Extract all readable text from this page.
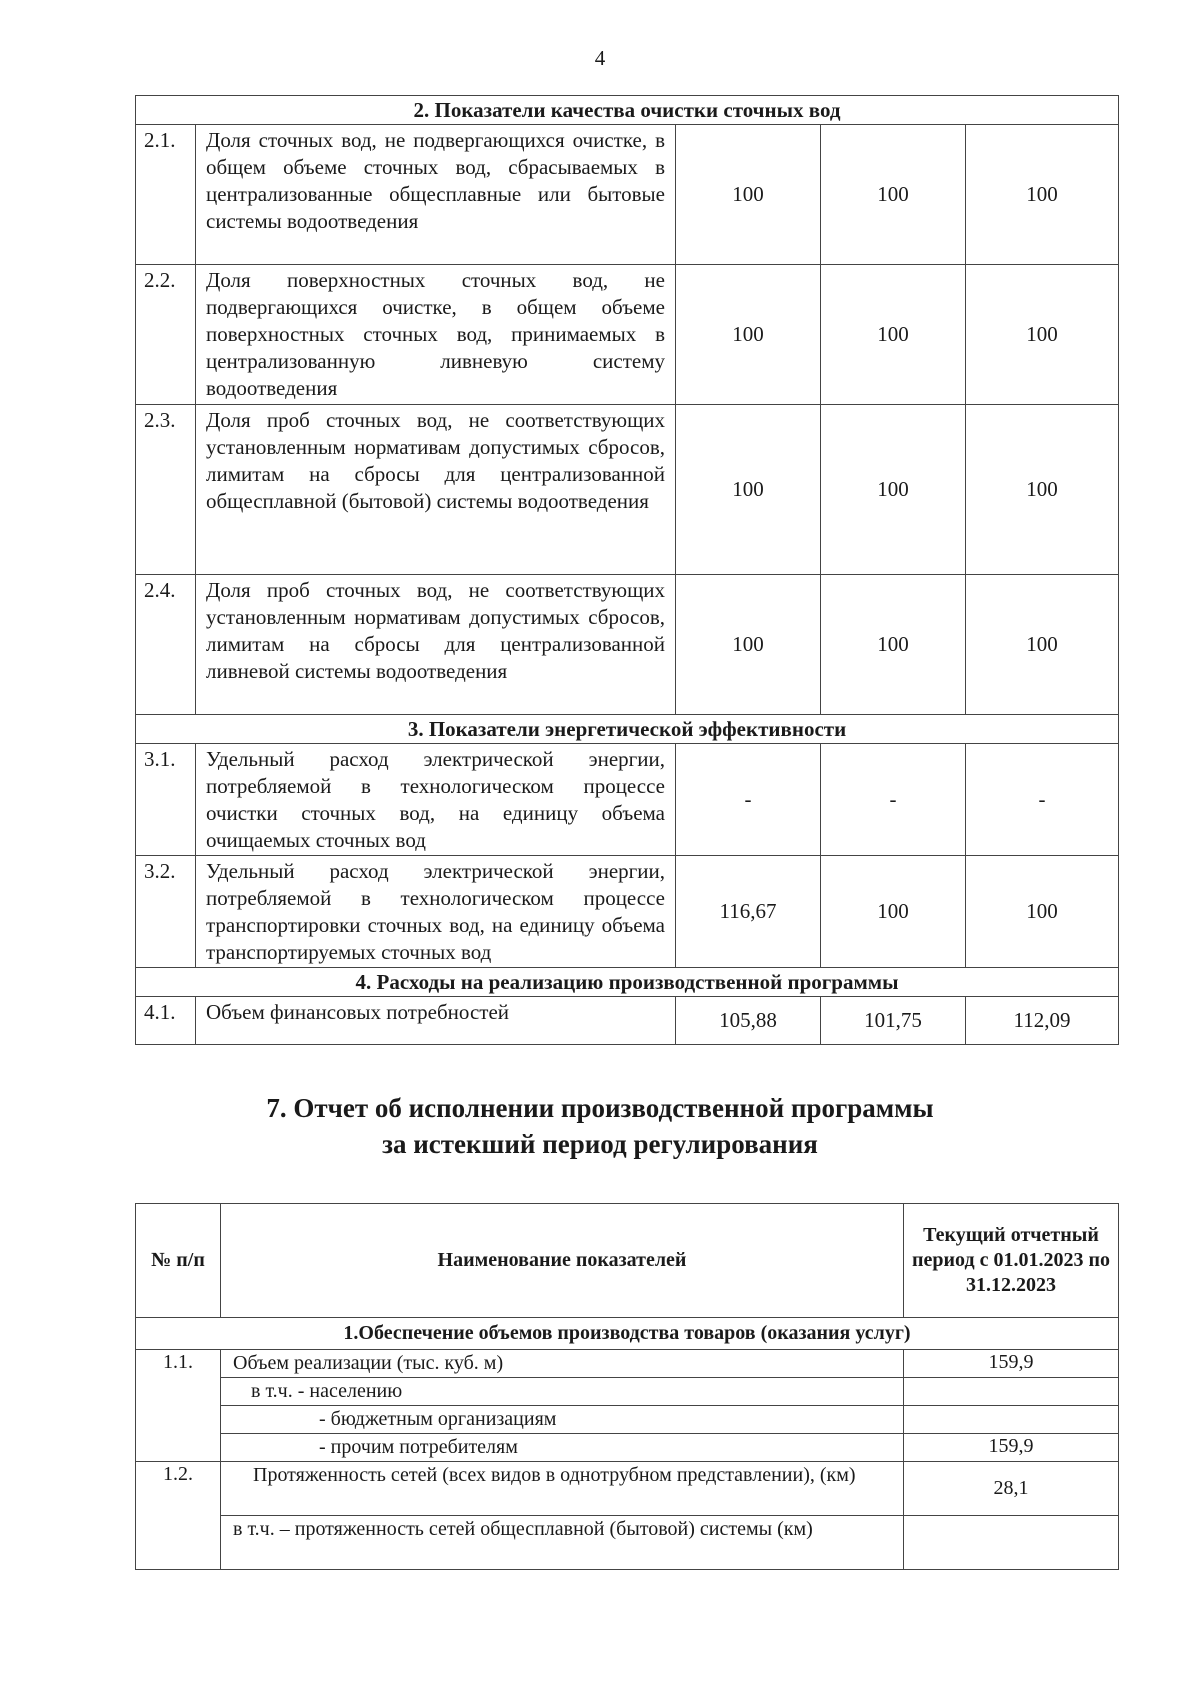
4
2. Показатели качества очистки сточных вод				
2.1.	Доля сточных вод, не подвергающихся очистке, в общем объеме сточных вод, сбрасываемых в централизованные общесплавные или бытовые системы водоотведения	100	100	100
2.2.	Доля поверхностных сточных вод, не подвергающихся очистке, в общем объеме поверхностных сточных вод, принимаемых в централизованную ливневую систему водоотведения	100	100	100
2.3.	Доля проб сточных вод, не соответствующих установленным нормативам допустимых сбросов, лимитам на сбросы для централизованной общесплавной (бытовой) системы водоотведения	100	100	100
2.4.	Доля проб сточных вод, не соответствующих установленным нормативам допустимых сбросов, лимитам на сбросы для централизованной ливневой системы водоотведения	100	100	100
3. Показатели энергетической эффективности				
3.1.	Удельный расход электрической энергии, потребляемой в технологическом процессе очистки сточных вод, на единицу объема очищаемых сточных вод	-	-	-
3.2.	Удельный расход электрической энергии, потребляемой в технологическом процессе транспортировки сточных вод, на единицу объема транспортируемых сточных вод	116,67	100	100
4. Расходы на реализацию производственной программы				
4.1.	Объем финансовых потребностей	105,88	101,75	112,09
7. Отчет об исполнении производственной программы
за истекший период регулирования
№ п/п	Наименование показателей	Текущий отчетный период с 01.01.2023 по 31.12.2023
1.Обеспечение объемов производства товаров (оказания услуг)		
1.1.	Объем реализации (тыс. куб. м)	159,9
	в т.ч. - населению	
	- бюджетным организациям	
	- прочим потребителям	159,9
1.2.	Протяженность сетей (всех видов в однотрубном представлении), (км)	28,1
	в т.ч. – протяженность сетей общесплавной (бытовой) системы (км)	
